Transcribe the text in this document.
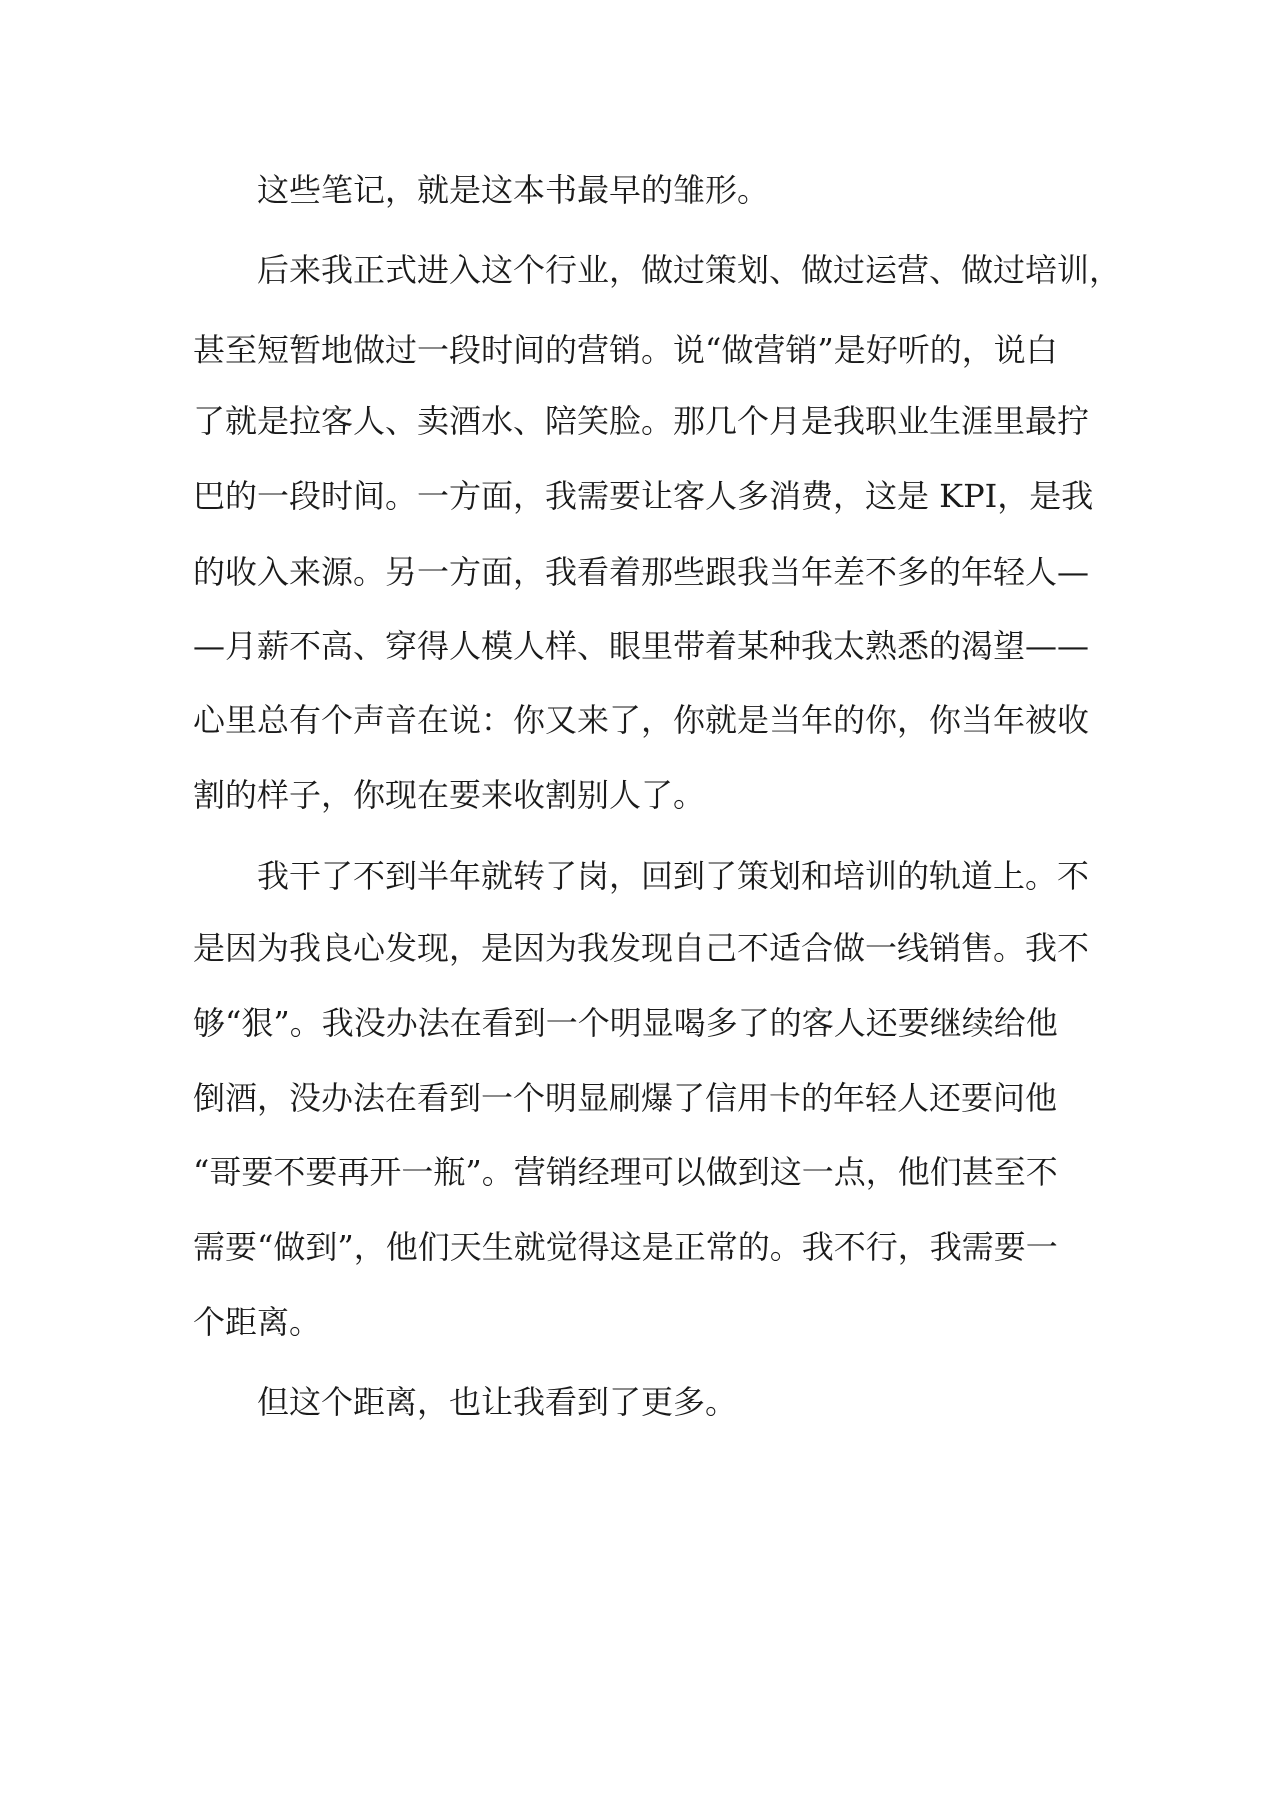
这些笔记，就是这本书最早的雏形。
后来我正式进入这个行业，做过策划、做过运营、做过培训，
甚至短暂地做过一段时间的营销。说“做营销”是好听的，说白
了就是拉客人、卖酒水、陪笑脸。那几个月是我职业生涯里最拧
巴的一段时间。一方面，我需要让客人多消费，这是 KPI，是我
的收入来源。另一方面，我看着那些跟我当年差不多的年轻人—
—月薪不高、穿得人模人样、眼里带着某种我太熟悉的渴望——
心里总有个声音在说：你又来了，你就是当年的你，你当年被收
割的样子，你现在要来收割别人了。
我干了不到半年就转了岗，回到了策划和培训的轨道上。不
是因为我良心发现，是因为我发现自己不适合做一线销售。我不
够“狠”。我没办法在看到一个明显喝多了的客人还要继续给他
倒酒，没办法在看到一个明显刷爆了信用卡的年轻人还要问他
“哥要不要再开一瓶”。营销经理可以做到这一点，他们甚至不
需要“做到”，他们天生就觉得这是正常的。我不行，我需要一
个距离。
但这个距离，也让我看到了更多。
